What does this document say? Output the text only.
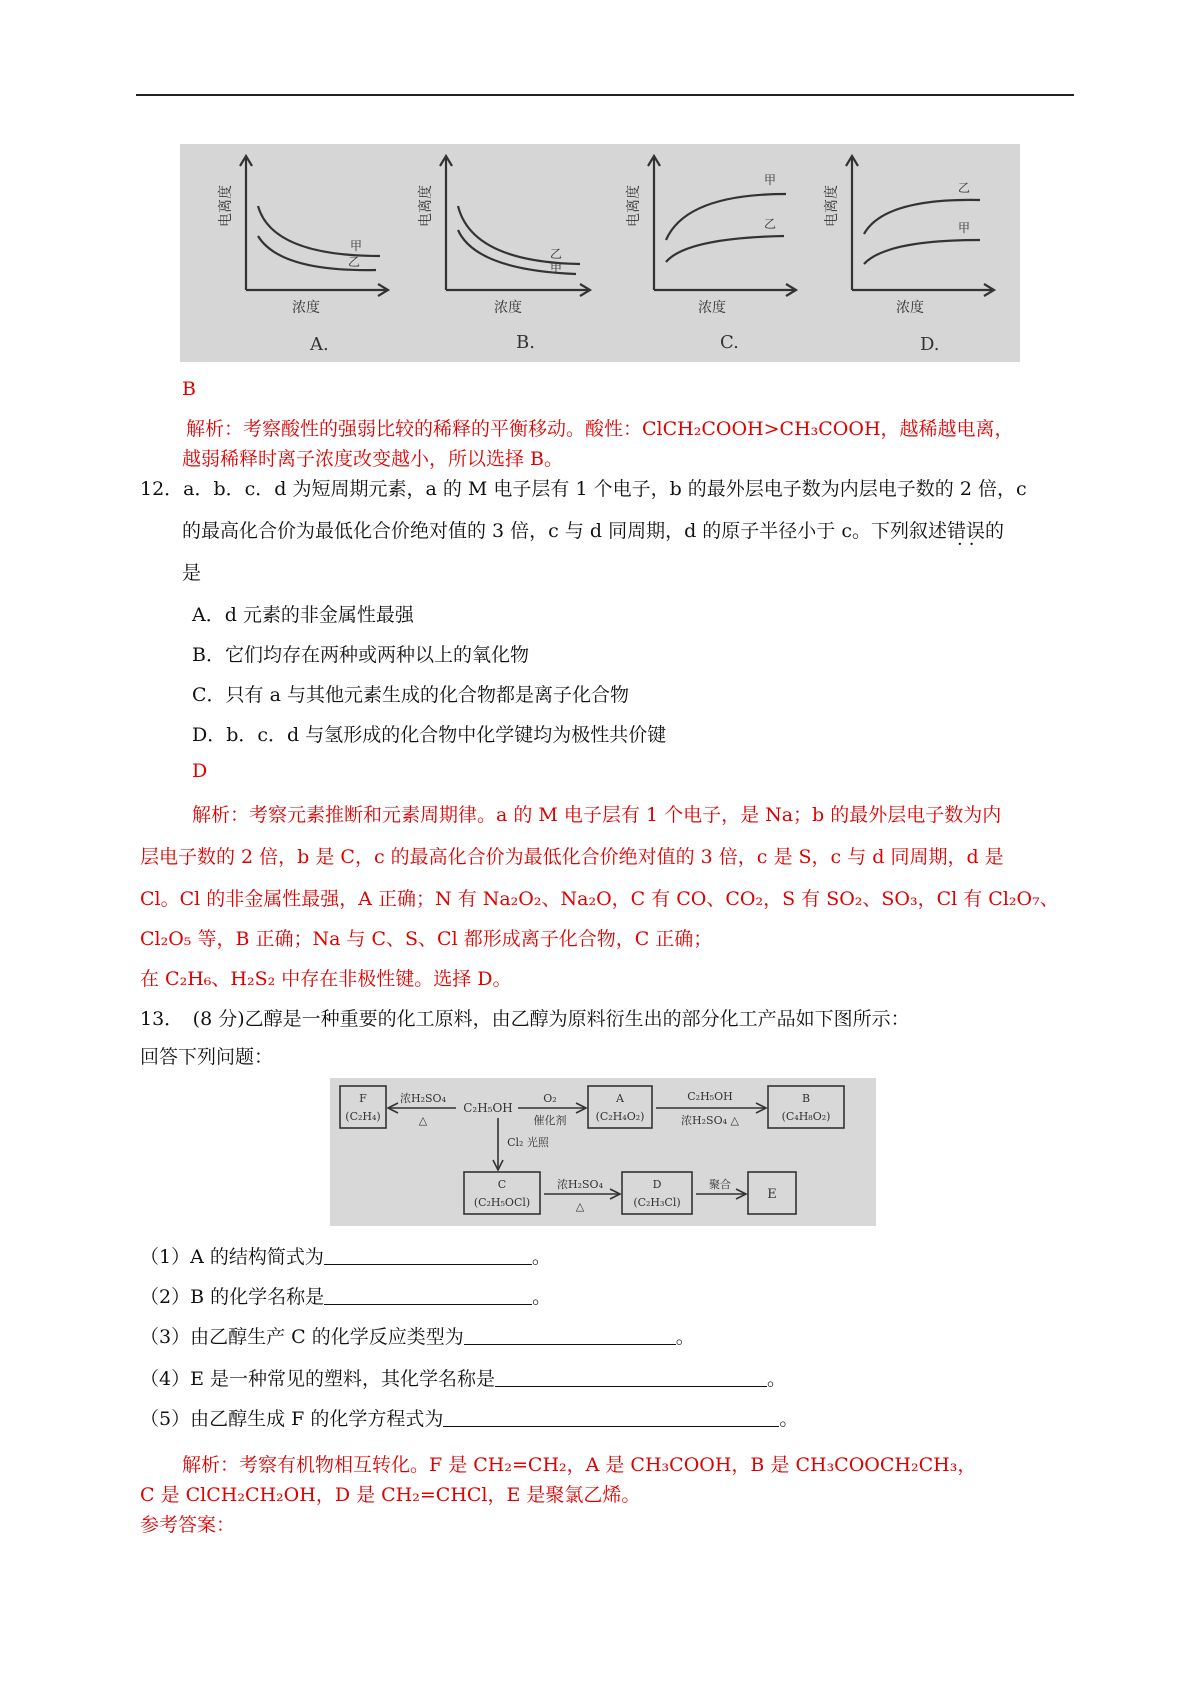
电离度	电离度	电离度	电离度
浓度	浓度	浓度	浓度
甲
乙
乙
甲
甲
乙
乙
甲
A.	B.	C.	D.
B
解析：考察酸性的强弱比较的稀释的平衡移动。酸性：ClCH₂COOH>CH₃COOH，越稀越电离，
越弱稀释时离子浓度改变越小，所以选择 B。
12．a．b．c．d 为短周期元素，a 的 M 电子层有 1 个电子，b 的最外层电子数为内层电子数的 2 倍，c
的最高化合价为最低化合价绝对值的 3 倍，c 与 d 同周期，d 的原子半径小于 c。下列叙述错误 ··的
是
A．d 元素的非金属性最强
B．它们均存在两种或两种以上的氧化物
C．只有 a 与其他元素生成的化合物都是离子化合物
D．b．c．d 与氢形成的化合物中化学键均为极性共价键
D
解析：考察元素推断和元素周期律。a 的 M 电子层有 1 个电子，是 Na；b 的最外层电子数为内
层电子数的 2 倍，b 是 C，c 的最高化合价为最低化合价绝对值的 3 倍，c 是 S，c 与 d 同周期，d 是
Cl。Cl 的非金属性最强，A 正确；N 有 Na₂O₂、Na₂O，C 有 CO、CO₂，S 有 SO₂、SO₃，Cl 有 Cl₂O₇、
Cl₂O₅ 等，B 正确；Na 与 C、S、Cl 都形成离子化合物，C 正确；
在 C₂H₆、H₂S₂ 中存在非极性键。选择 D。
13．　(8 分)乙醇是一种重要的化工原料，由乙醇为原料衍生出的部分化工产品如下图所示：
回答下列问题：
F
(C₂H₄)
浓H₂SO₄
△
C₂H₅OH
O₂
催化剂
A
(C₂H₄O₂)
C₂H₅OH
浓H₂SO₄ △
B
(C₄H₈O₂)
Cl₂ 光照
C
(C₂H₅OCl)
浓H₂SO₄
△
D
(C₂H₃Cl)
聚合
E
（1）A 的结构简式为	。
（2）B 的化学名称是	。
（3）由乙醇生产 C 的化学反应类型为	。
（4）E 是一种常见的塑料，其化学名称是	。
（5）由乙醇生成 F 的化学方程式为	。
解析：考察有机物相互转化。F 是 CH₂=CH₂，A 是 CH₃COOH，B 是 CH₃COOCH₂CH₃，
C 是 ClCH₂CH₂OH，D 是 CH₂=CHCl，E 是聚氯乙烯。
参考答案：
